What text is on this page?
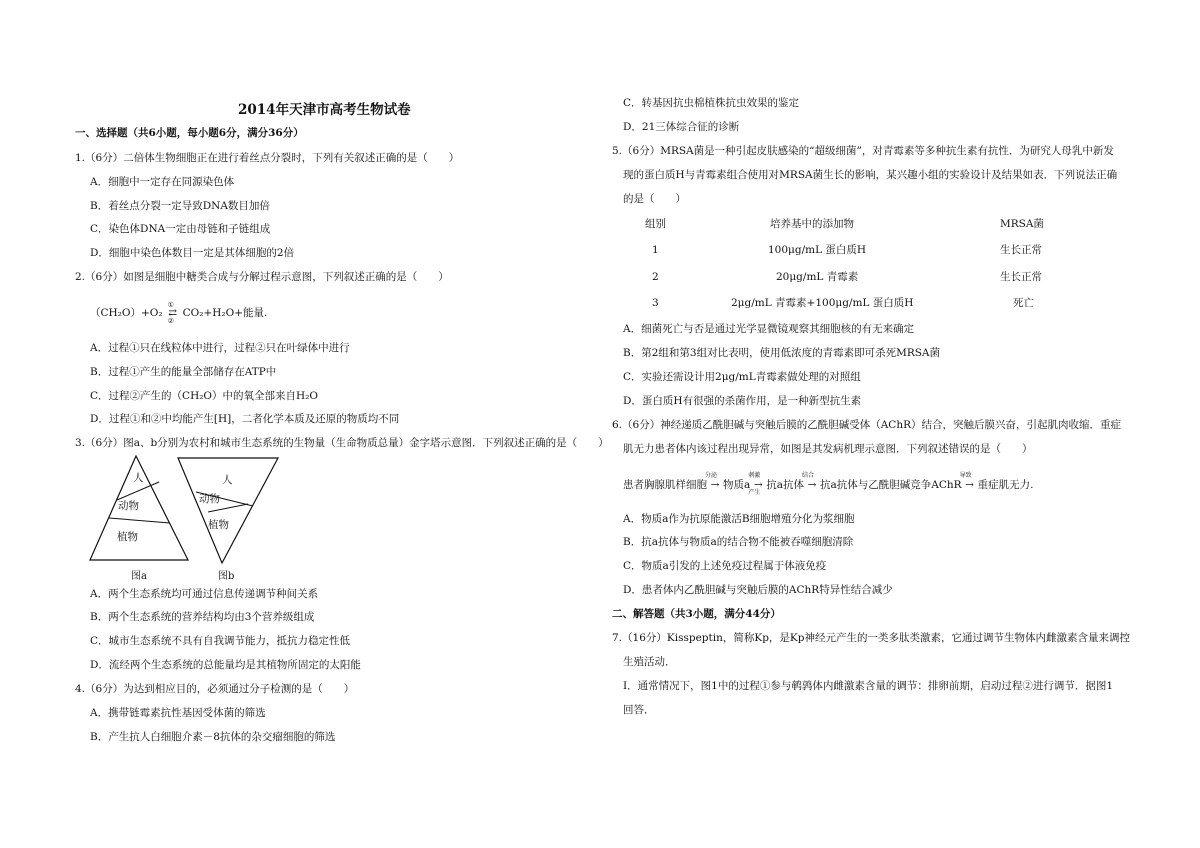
2014年天津市高考生物试卷
一、选择题（共6小题，每小题6分，满分36分）
1.（6分）二倍体生物细胞正在进行着丝点分裂时，下列有关叙述正确的是（　　）
A．细胞中一定存在同源染色体
B．着丝点分裂一定导致DNA数目加倍
C．染色体DNA一定由母链和子链组成
D．细胞中染色体数目一定是其体细胞的2倍
2.（6分）如图是细胞中糖类合成与分解过程示意图，下列叙述正确的是（　　）
（CH₂O）+O₂
①
⇄
②
CO₂+H₂O+能量.
A．过程①只在线粒体中进行，过程②只在叶绿体中进行
B．过程①产生的能量全部储存在ATP中
C．过程②产生的（CH₂O）中的氧全部来自H₂O
D．过程①和②中均能产生[H]，二者化学本质及还原的物质均不同
3.（6分）图a、b分别为农村和城市生态系统的生物量（生命物质总量）金字塔示意图．下列叙述正确的是（　　）
人
动物
植物
图a
人
动物
植物
图b
A．两个生态系统均可通过信息传递调节种间关系
B．两个生态系统的营养结构均由3个营养级组成
C．城市生态系统不具有自我调节能力，抵抗力稳定性低
D．流经两个生态系统的总能量均是其植物所固定的太阳能
4.（6分）为达到相应目的，必须通过分子检测的是（　　）
A．携带链霉素抗性基因受体菌的筛选
B．产生抗人白细胞介素－8抗体的杂交瘤细胞的筛选
C．转基因抗虫棉植株抗虫效果的鉴定
D．21三体综合征的诊断
5.（6分）MRSA菌是一种引起皮肤感染的“超级细菌”，对青霉素等多种抗生素有抗性．为研究人母乳中新发
现的蛋白质H与青霉素组合使用对MRSA菌生长的影响，某兴趣小组的实验设计及结果如表．下列说法正确
的是（　　）
组别	培养基中的添加物	MRSA菌
1	100μg/mL 蛋白质H	生长正常
2	20μg/mL 青霉素	生长正常
3	2μg/mL 青霉素+100μg/mL 蛋白质H	死亡
A．细菌死亡与否是通过光学显微镜观察其细胞核的有无来确定
B．第2组和第3组对比表明，使用低浓度的青霉素即可杀死MRSA菌
C．实验还需设计用2μg/mL青霉素做处理的对照组
D．蛋白质H有很强的杀菌作用，是一种新型抗生素
6.（6分）神经递质乙酰胆碱与突触后膜的乙酰胆碱受体（AChR）结合，突触后膜兴奋，引起肌肉收缩．重症
肌无力患者体内该过程出现异常，如图是其发病机理示意图．下列叙述错误的是（　　）
患者胸腺肌样细胞
分泌
→ 物质a
刺激
→
产生
抗a抗体
结合
→ 抗a抗体与乙酰胆碱竞争AChR
导致
→ 重症肌无力.
A．物质a作为抗原能激活B细胞增殖分化为浆细胞
B．抗a抗体与物质a的结合物不能被吞噬细胞清除
C．物质a引发的上述免疫过程属于体液免疫
D．患者体内乙酰胆碱与突触后膜的AChR特异性结合减少
二、解答题（共3小题，满分44分）
7.（16分）Kisspeptin，简称Kp，是Kp神经元产生的一类多肽类激素，它通过调节生物体内雌激素含量来调控
生殖活动．
Ⅰ．通常情况下，图1中的过程①参与鹌鹑体内雌激素含量的调节：排卵前期，启动过程②进行调节．据图1
回答．
